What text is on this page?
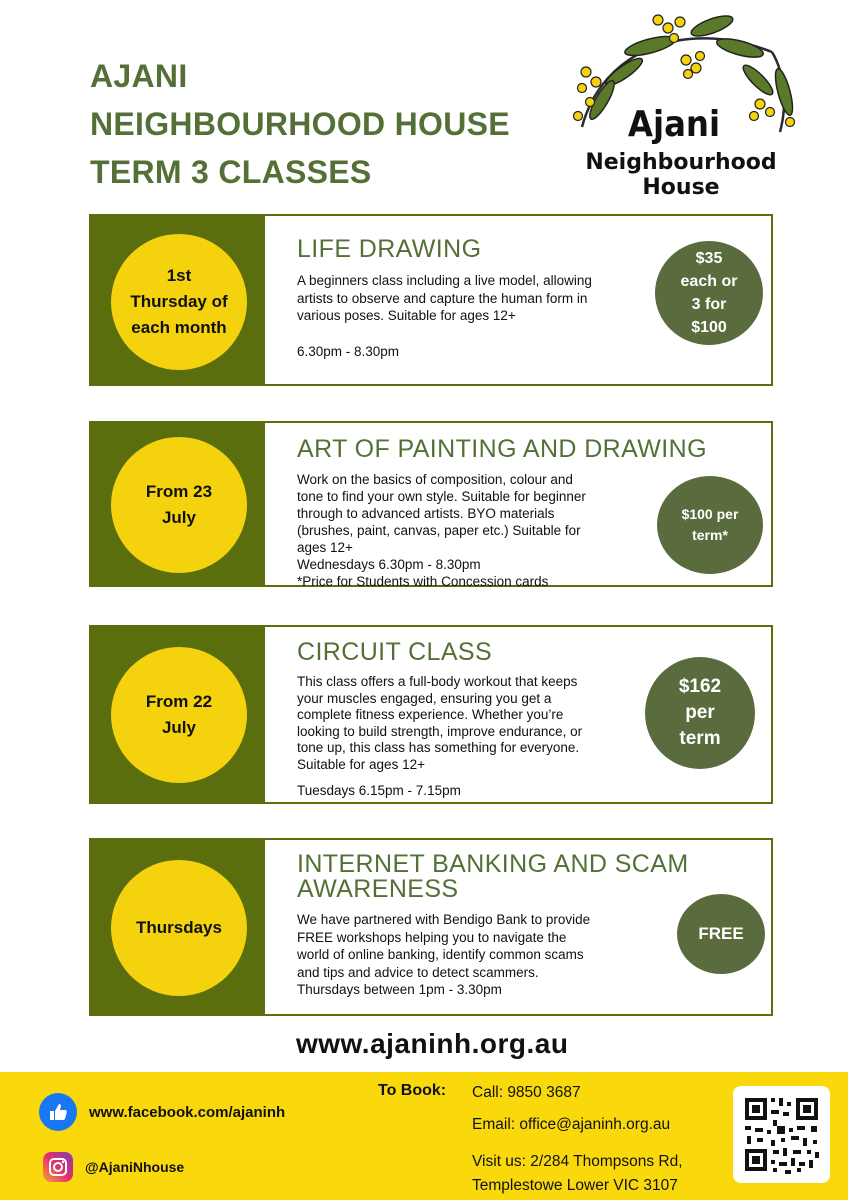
AJANI
NEIGHBOURHOOD HOUSE
TERM 3 CLASSES
Ajani
Neighbourhood House
1st
Thursday of
each month
LIFE DRAWING
A beginners class including a live model, allowing
artists to observe and capture the human form in
various poses. Suitable for ages 12+
6.30pm - 8.30pm
$35
each or
3 for
$100
From 23
July
ART OF PAINTING AND DRAWING
Work on the basics of composition, colour and
tone to find your own style. Suitable for beginner
through to advanced artists. BYO materials
(brushes, paint, canvas, paper etc.) Suitable for
ages 12+
Wednesdays 6.30pm - 8.30pm
*Price for Students with Concession cards
$100 per
term*
From 22
July
CIRCUIT CLASS
This class offers a full-body workout that keeps
your muscles engaged, ensuring you get a
complete fitness experience. Whether you’re
looking to build strength, improve endurance, or
tone up, this class has something for everyone.
Suitable for ages 12+
Tuesdays 6.15pm - 7.15pm
$162
per
term
Thursdays
INTERNET BANKING AND SCAM
AWARENESS
We have partnered with Bendigo Bank to provide
FREE workshops helping you to navigate the
world of online banking, identify common scams
and tips and advice to detect scammers.
Thursdays between 1pm - 3.30pm
FREE
www.ajaninh.org.au
www.facebook.com/ajaninh
@AjaniNhouse
To Book: Call: 9850 3687
Email: office@ajaninh.org.au
Visit us: 2/284 Thompsons Rd,
Templestowe Lower VIC 3107
